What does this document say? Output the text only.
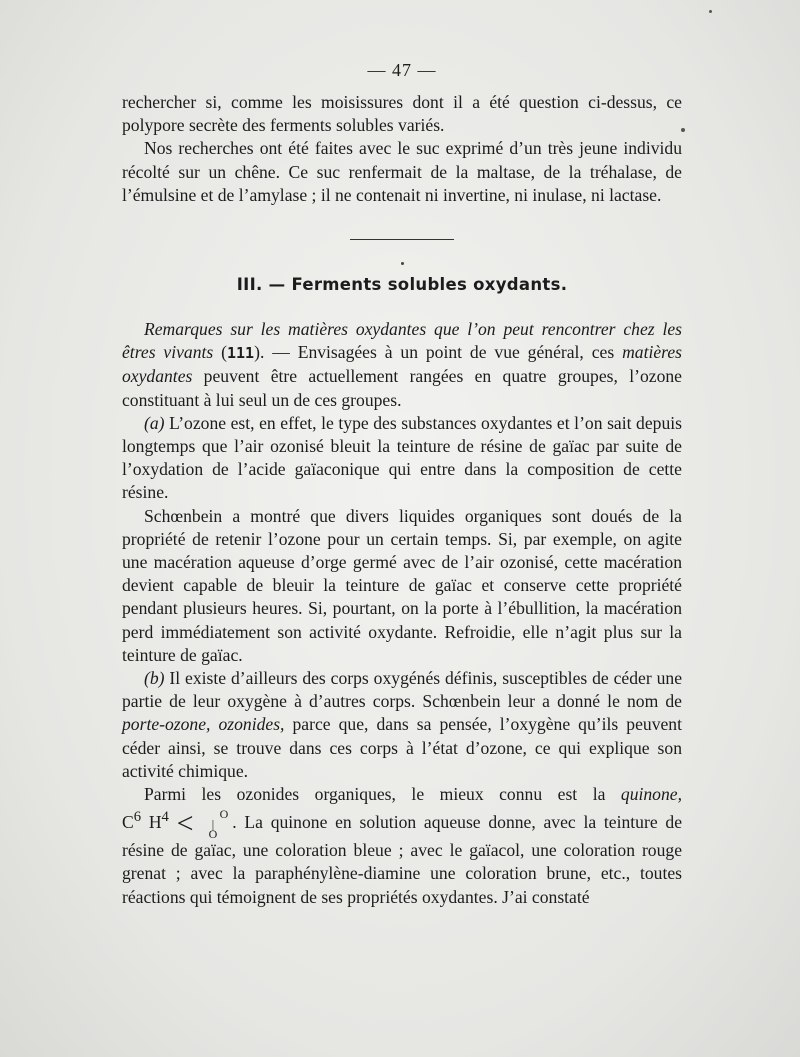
— 47 —

rechercher si, comme les moisissures dont il a été question ci-dessus, ce polypore secrète des ferments solubles variés.

Nos recherches ont été faites avec le suc exprimé d’un très jeune individu récolté sur un chêne. Ce suc renfermait de la maltase, de la tréhalase, de l’émulsine et de l’amylase ; il ne contenait ni invertine, ni inulase, ni lactase.

III. — Ferments solubles oxydants.

Remarques sur les matières oxydantes que l’on peut rencontrer chez les êtres vivants (111). — Envisagées à un point de vue général, ces matières oxydantes peuvent être actuellement rangées en quatre groupes, l’ozone constituant à lui seul un de ces groupes.

(a) L’ozone est, en effet, le type des substances oxydantes et l’on sait depuis longtemps que l’air ozonisé bleuit la teinture de résine de gaïac par suite de l’oxydation de l’acide gaïaconique qui entre dans la composition de cette résine.

Schœnbein a montré que divers liquides organiques sont doués de la propriété de retenir l’ozone pour un certain temps. Si, par exemple, on agite une macération aqueuse d’orge germé avec de l’air ozonisé, cette macération devient capable de bleuir la teinture de gaïac et conserve cette propriété pendant plusieurs heures. Si, pourtant, on la porte à l’ébullition, la macération perd immédiatement son activité oxydante. Refroidie, elle n’agit plus sur la teinture de gaïac.

(b) Il existe d’ailleurs des corps oxygénés définis, susceptibles de céder une partie de leur oxygène à d’autres corps. Schœnbein leur a donné le nom de porte-ozone, ozonides, parce que, dans sa pensée, l’oxygène qu’ils peuvent céder ainsi, se trouve dans ces corps à l’état d’ozone, ce qui explique son activité chimique.

Parmi les ozonides organiques, le mieux connu est la quinone, $C^6$ $H^4 < O$
|
O. La quinone en solution aqueuse donne, avec la teinture de résine de gaïac, une coloration bleue ; avec le gaïacol, une coloration rouge grenat ; avec la paraphénylène-diamine une coloration brune, etc., toutes réactions qui témoignent de ses propriétés oxydantes. J’ai constaté
